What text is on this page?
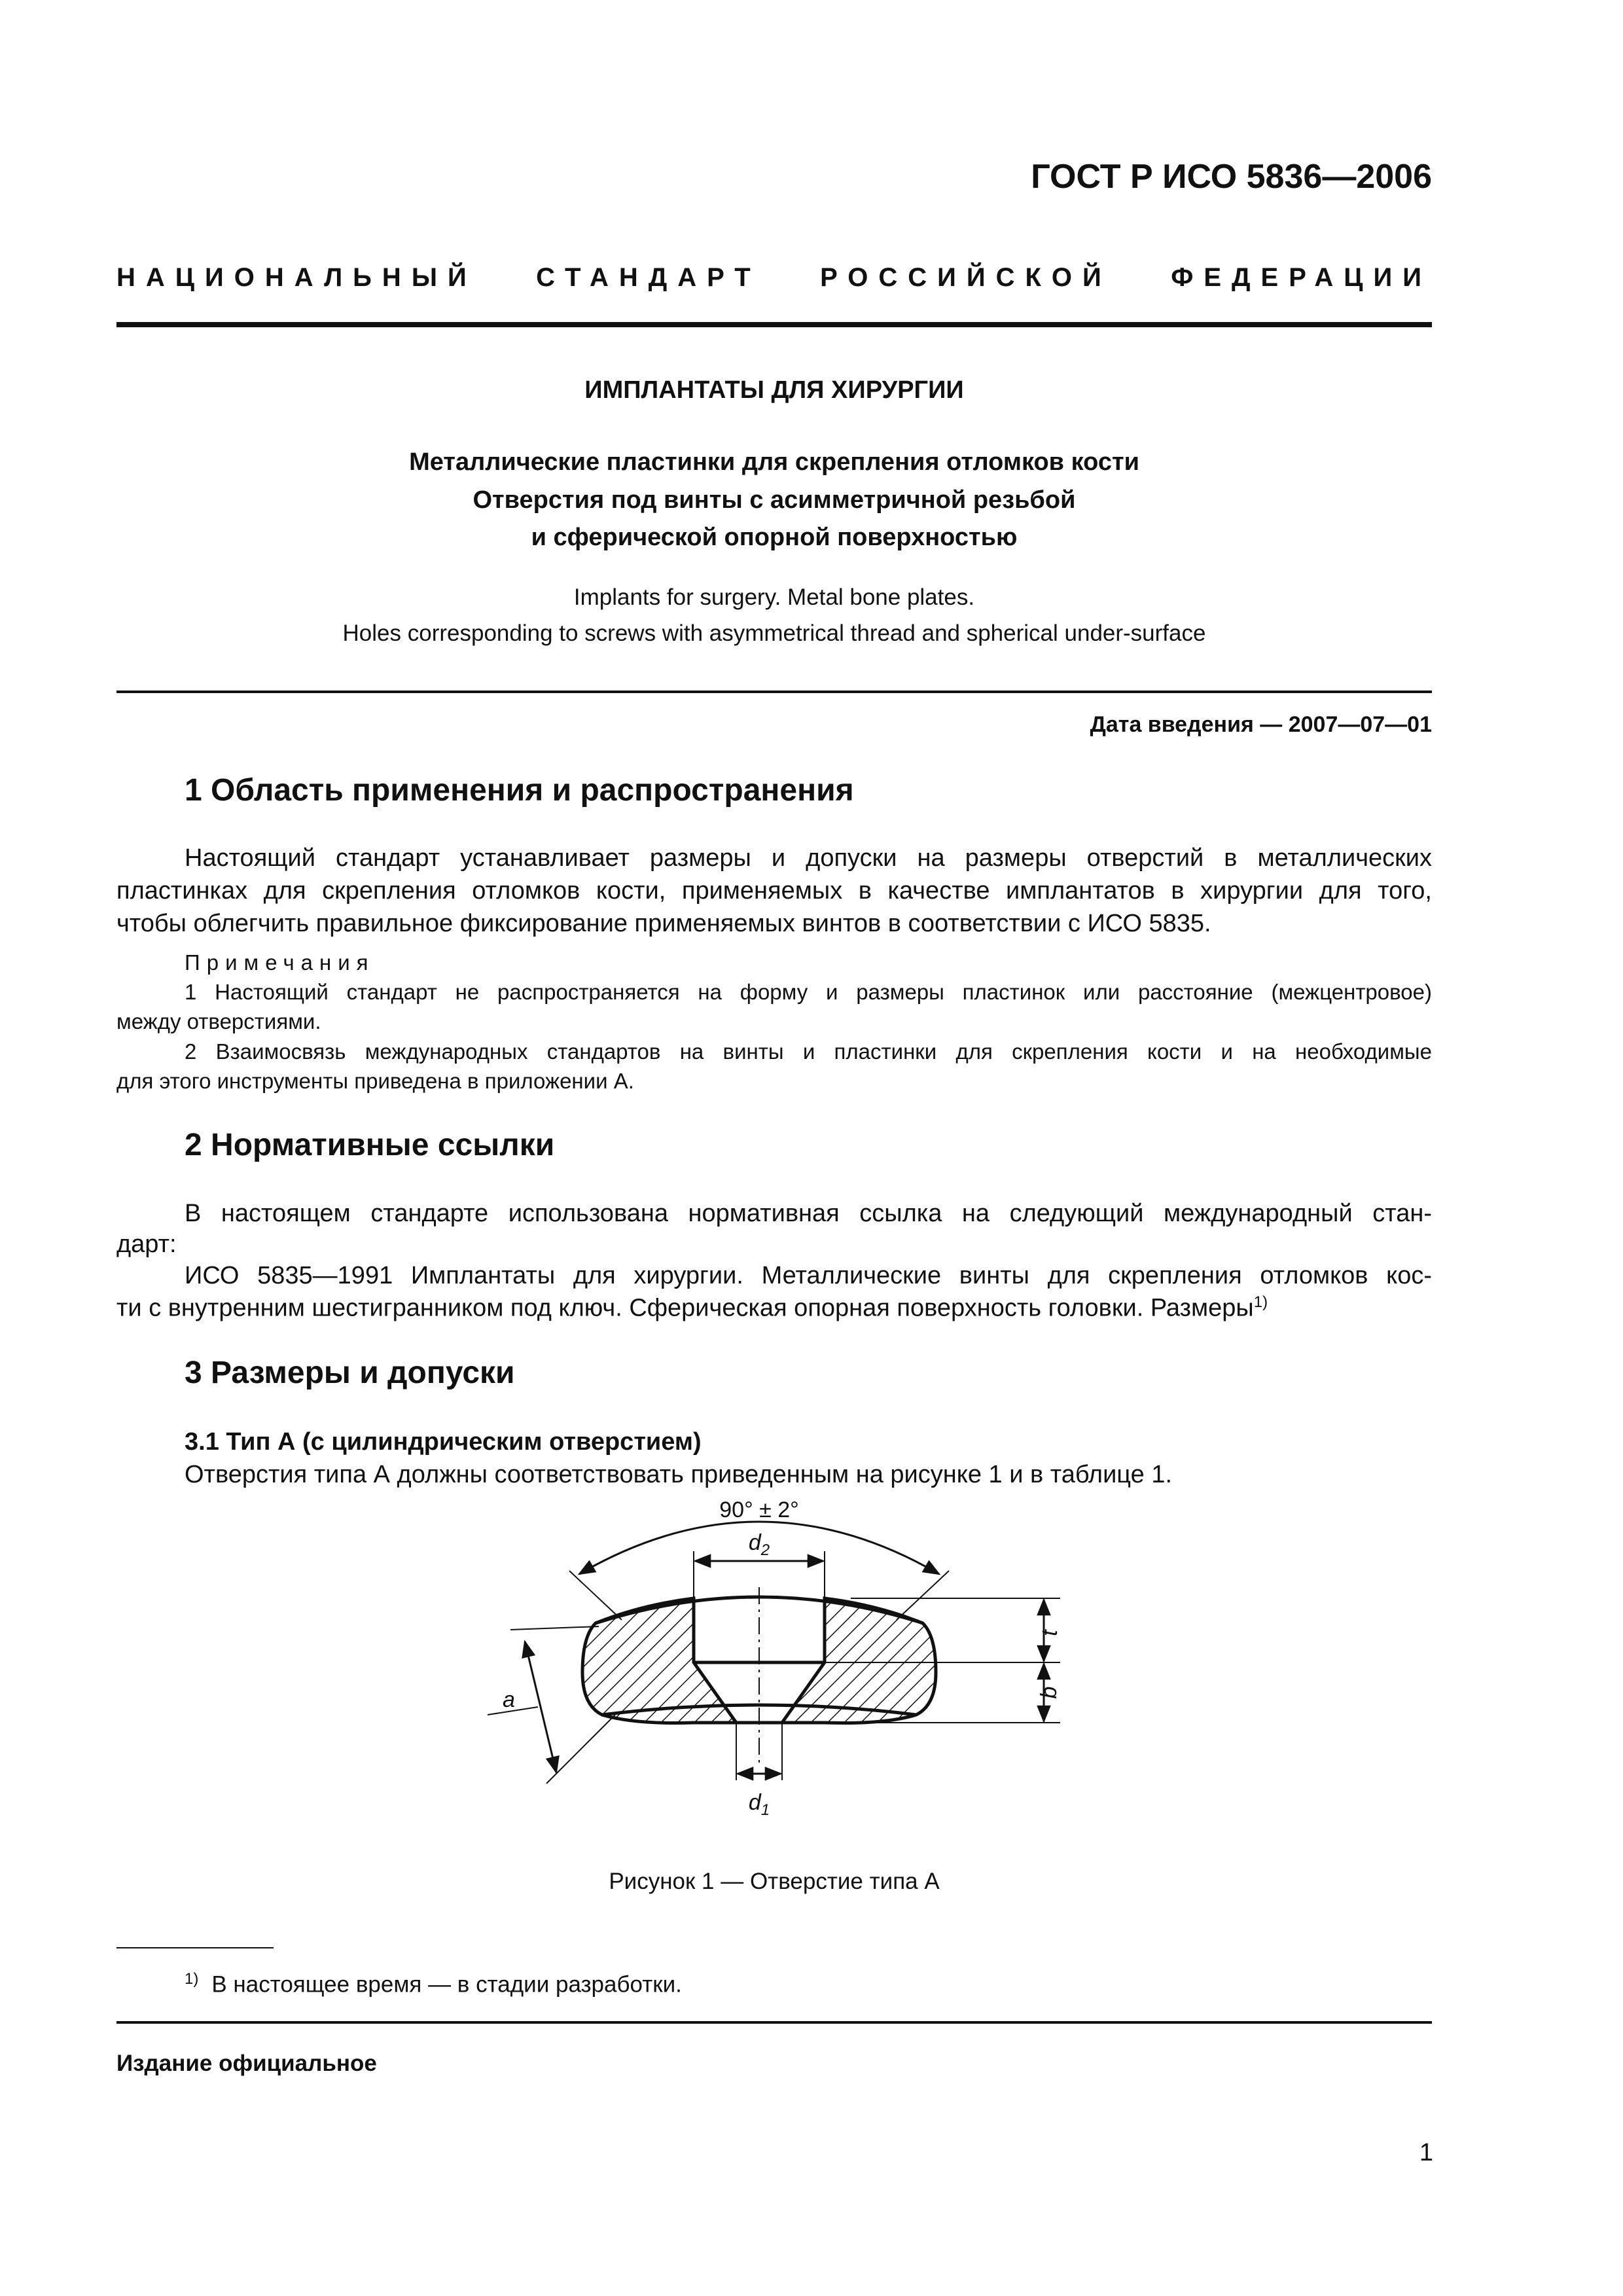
ГОСТ Р ИСО 5836—2006
НАЦИОНАЛЬНЫЙ СТАНДАРТ РОССИЙСКОЙ ФЕДЕРАЦИИ
ИМПЛАНТАТЫ ДЛЯ ХИРУРГИИ
Металлические пластинки для скрепления отломков кости
Отверстия под винты с асимметричной резьбой
и сферической опорной поверхностью
Implants for surgery. Metal bone plates.
Holes corresponding to screws with asymmetrical thread and spherical under-surface
Дата введения — 2007—07—01
1 Область применения и распространения
Настоящий стандарт устанавливает размеры и допуски на размеры отверстий в металлических
пластинках для скрепления отломков кости, применяемых в качестве имплантатов в хирургии для того,
чтобы облегчить правильное фиксирование применяемых винтов в соответствии с ИСО 5835.
Примечания
1 Настоящий стандарт не распространяется на форму и размеры пластинок или расстояние (межцентровое)
между отверстиями.
2 Взаимосвязь международных стандартов на винты и пластинки для скрепления кости и на необходимые
для этого инструменты приведена в приложении А.
2 Нормативные ссылки
В настоящем стандарте использована нормативная ссылка на следующий международный стан-
дарт:
ИСО 5835—1991 Имплантаты для хирургии. Металлические винты для скрепления отломков кос-
ти с внутренним шестигранником под ключ. Сферическая опорная поверхность головки. Размеры$^{1)}$
3 Размеры и допуски
3.1 Тип А (с цилиндрическим отверстием)
Отверстия типа А должны соответствовать приведенным на рисунке 1 и в таблице 1.
90° ± 2°
$d_2$
$d_1$
t
b
a
Рисунок 1 — Отверстие типа А
$^{1)}$ В настоящее время — в стадии разработки.
Издание официальное
1
